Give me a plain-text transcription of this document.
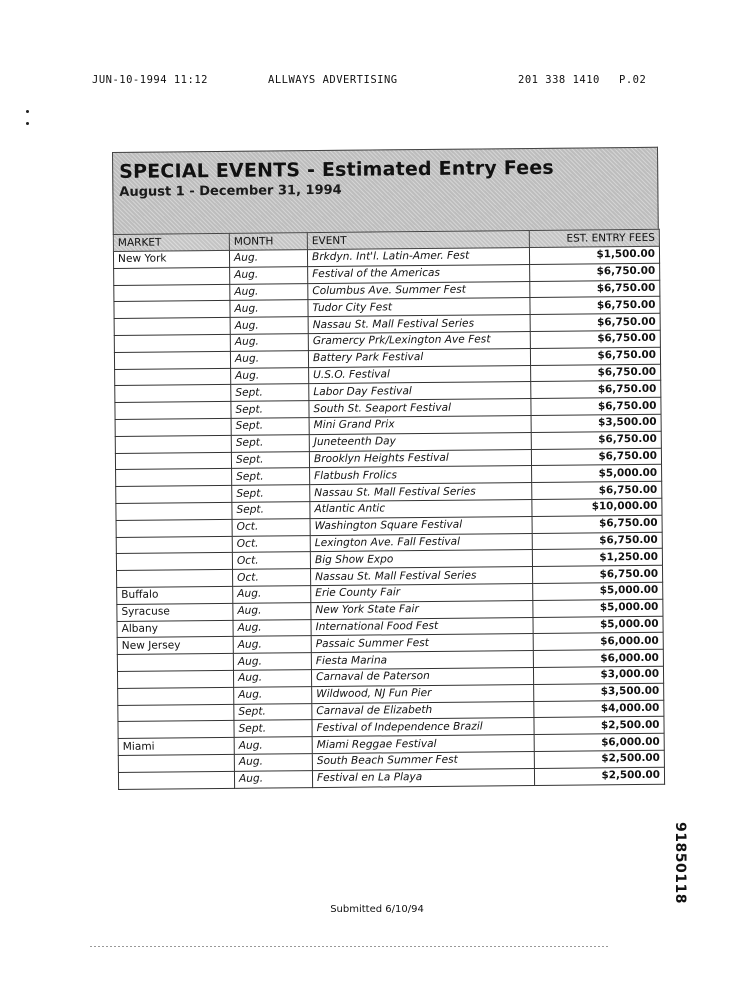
JUN-10-1994 11:12	ALLWAYS ADVERTISING	201 338 1410 P.02
SPECIAL EVENTS - Estimated Entry Fees
August 1 - December 31, 1994
MARKET	MONTH	EVENT	EST. ENTRY FEES
New York	Aug.	Brkdyn. Int'l. Latin-Amer. Fest	$1,500.00
	Aug.	Festival of the Americas	$6,750.00
	Aug.	Columbus Ave. Summer Fest	$6,750.00
	Aug.	Tudor City Fest	$6,750.00
	Aug.	Nassau St. Mall Festival Series	$6,750.00
	Aug.	Gramercy Prk/Lexington Ave Fest	$6,750.00
	Aug.	Battery Park Festival	$6,750.00
	Aug.	U.S.O. Festival	$6,750.00
	Sept.	Labor Day Festival	$6,750.00
	Sept.	South St. Seaport Festival	$6,750.00
	Sept.	Mini Grand Prix	$3,500.00
	Sept.	Juneteenth Day	$6,750.00
	Sept.	Brooklyn Heights Festival	$6,750.00
	Sept.	Flatbush Frolics	$5,000.00
	Sept.	Nassau St. Mall Festival Series	$6,750.00
	Sept.	Atlantic Antic	$10,000.00
	Oct.	Washington Square Festival	$6,750.00
	Oct.	Lexington Ave. Fall Festival	$6,750.00
	Oct.	Big Show Expo	$1,250.00
	Oct.	Nassau St. Mall Festival Series	$6,750.00
Buffalo	Aug.	Erie County Fair	$5,000.00
Syracuse	Aug.	New York State Fair	$5,000.00
Albany	Aug.	International Food Fest	$5,000.00
New Jersey	Aug.	Passaic Summer Fest	$6,000.00
	Aug.	Fiesta Marina	$6,000.00
	Aug.	Carnaval de Paterson	$3,000.00
	Aug.	Wildwood, NJ Fun Pier	$3,500.00
	Sept.	Carnaval de Elizabeth	$4,000.00
	Sept.	Festival of Independence Brazil	$2,500.00
Miami	Aug.	Miami Reggae Festival	$6,000.00
	Aug.	South Beach Summer Fest	$2,500.00
	Aug.	Festival en La Playa	$2,500.00
91850118
Submitted 6/10/94
